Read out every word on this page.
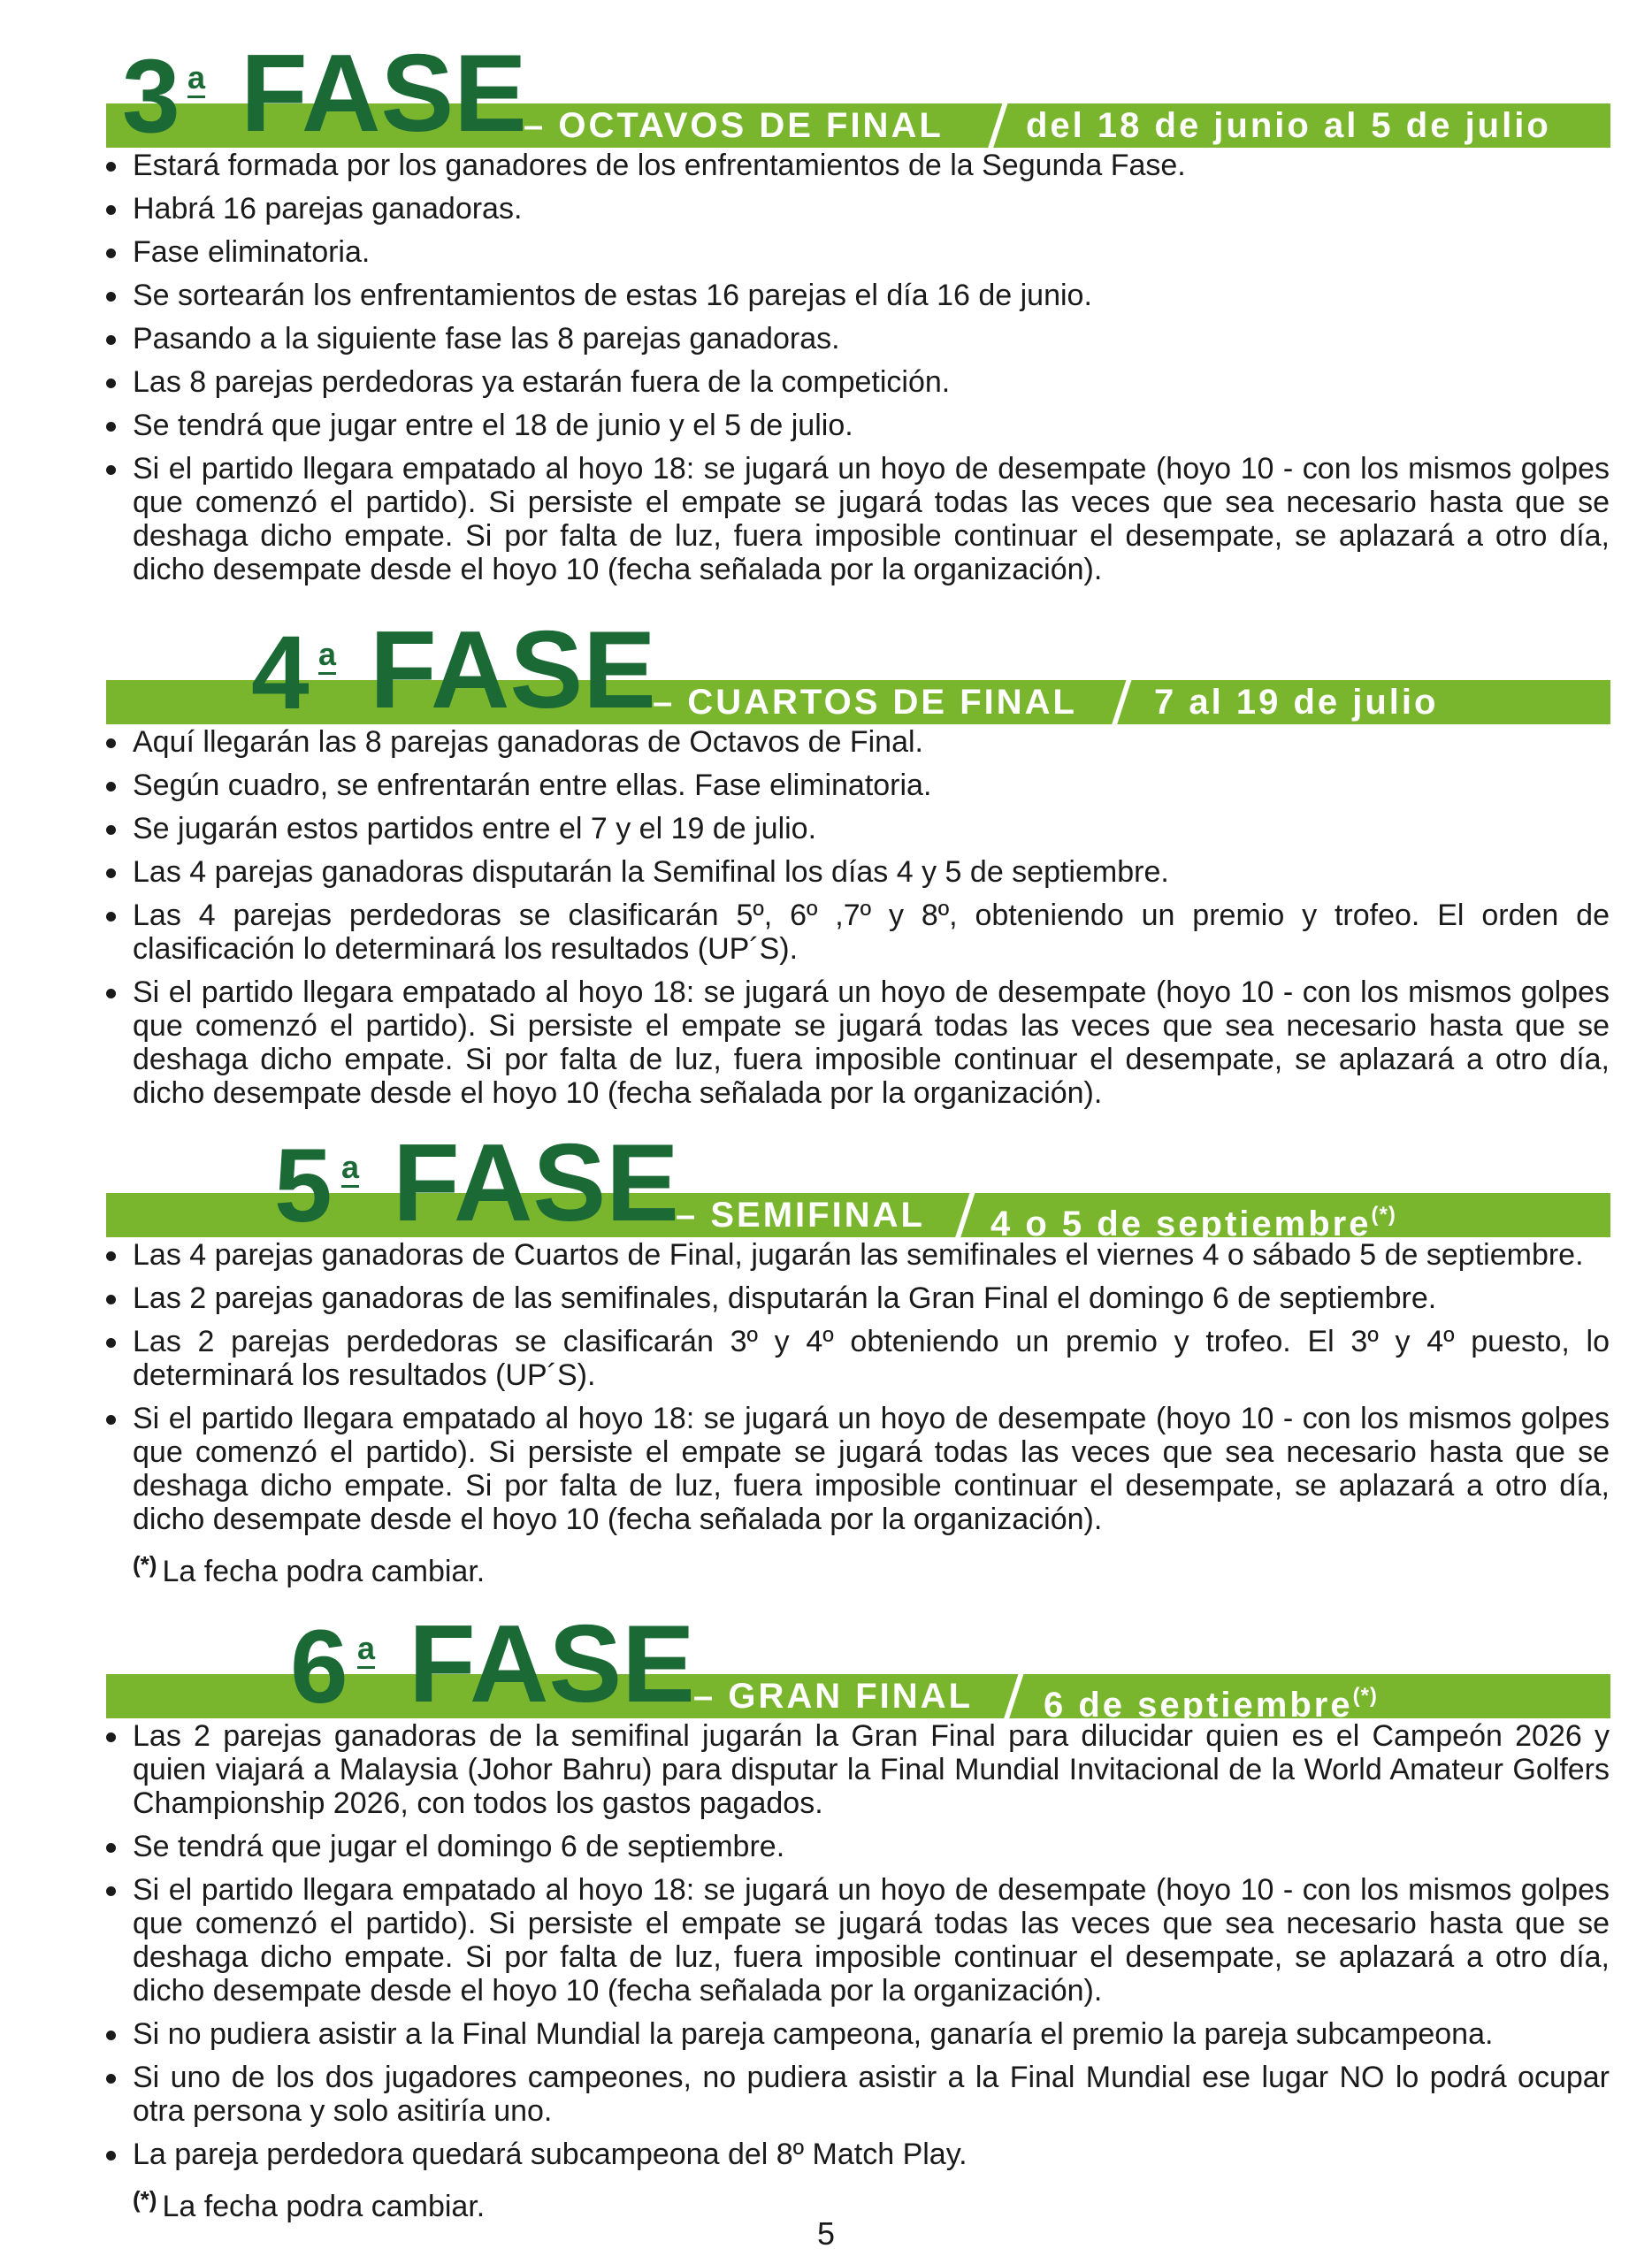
3 a FASE
– OCTAVOS DE FINAL del 18 de junio al 5 de julio
Estará formada por los ganadores de los enfrentamientos de la Segunda Fase.
Habrá 16 parejas ganadoras.
Fase eliminatoria.
Se sortearán los enfrentamientos de estas 16 parejas el día 16 de junio.
Pasando a la siguiente fase las 8 parejas ganadoras.
Las 8 parejas perdedoras ya estarán fuera de la competición.
Se tendrá que jugar entre el 18 de junio y el 5 de julio.
Si el partido llegara empatado al hoyo 18: se jugará un hoyo de desempate (hoyo 10 - con los mismos golpes que comenzó el partido). Si persiste el empate se jugará todas las veces que sea necesario hasta que se deshaga dicho empate. Si por falta de luz, fuera imposible continuar el desempate, se aplazará a otro día, dicho desempate desde el hoyo 10 (fecha señalada por la organización).
4 a FASE
– CUARTOS DE FINAL 7 al 19 de julio
Aquí llegarán las 8 parejas ganadoras de Octavos de Final.
Según cuadro, se enfrentarán entre ellas. Fase eliminatoria.
Se jugarán estos partidos entre el 7 y el 19 de julio.
Las 4 parejas ganadoras disputarán la Semifinal los días 4 y 5 de septiembre.
Las 4 parejas perdedoras se clasificarán 5º, 6º ,7º y 8º, obteniendo un premio y trofeo. El orden de clasificación lo determinará los resultados (UP´S).
Si el partido llegara empatado al hoyo 18: se jugará un hoyo de desempate (hoyo 10 - con los mismos golpes que comenzó el partido). Si persiste el empate se jugará todas las veces que sea necesario hasta que se deshaga dicho empate. Si por falta de luz, fuera imposible continuar el desempate, se aplazará a otro día, dicho desempate desde el hoyo 10 (fecha señalada por la organización).
5 a FASE
– SEMIFINAL 4 o 5 de septiembre(*)
Las 4 parejas ganadoras de Cuartos de Final, jugarán las semifinales el viernes 4 o sábado 5 de septiembre.
Las 2 parejas ganadoras de las semifinales, disputarán la Gran Final el domingo 6 de septiembre.
Las 2 parejas perdedoras se clasificarán 3º y 4º obteniendo un premio y trofeo. El 3º y 4º puesto, lo determinará los resultados (UP´S).
Si el partido llegara empatado al hoyo 18: se jugará un hoyo de desempate (hoyo 10 - con los mismos golpes que comenzó el partido). Si persiste el empate se jugará todas las veces que sea necesario hasta que se deshaga dicho empate. Si por falta de luz, fuera imposible continuar el desempate, se aplazará a otro día, dicho desempate desde el hoyo 10 (fecha señalada por la organización).
(*) La fecha podra cambiar.
6 a FASE
– GRAN FINAL 6 de septiembre(*)
Las 2 parejas ganadoras de la semifinal jugarán la Gran Final para dilucidar quien es el Campeón 2026 y quien viajará a Malaysia (Johor Bahru) para disputar la Final Mundial Invitacional de la World Amateur Golfers Championship 2026, con todos los gastos pagados.
Se tendrá que jugar el domingo 6 de septiembre.
Si el partido llegara empatado al hoyo 18: se jugará un hoyo de desempate (hoyo 10 - con los mismos golpes que comenzó el partido). Si persiste el empate se jugará todas las veces que sea necesario hasta que se deshaga dicho empate. Si por falta de luz, fuera imposible continuar el desempate, se aplazará a otro día, dicho desempate desde el hoyo 10 (fecha señalada por la organización).
Si no pudiera asistir a la Final Mundial la pareja campeona, ganaría el premio la pareja subcampeona.
Si uno de los dos jugadores campeones, no pudiera asistir a la Final Mundial ese lugar NO lo podrá ocupar otra persona y solo asitiría uno.
La pareja perdedora quedará subcampeona del 8º Match Play.
(*) La fecha podra cambiar.
5
